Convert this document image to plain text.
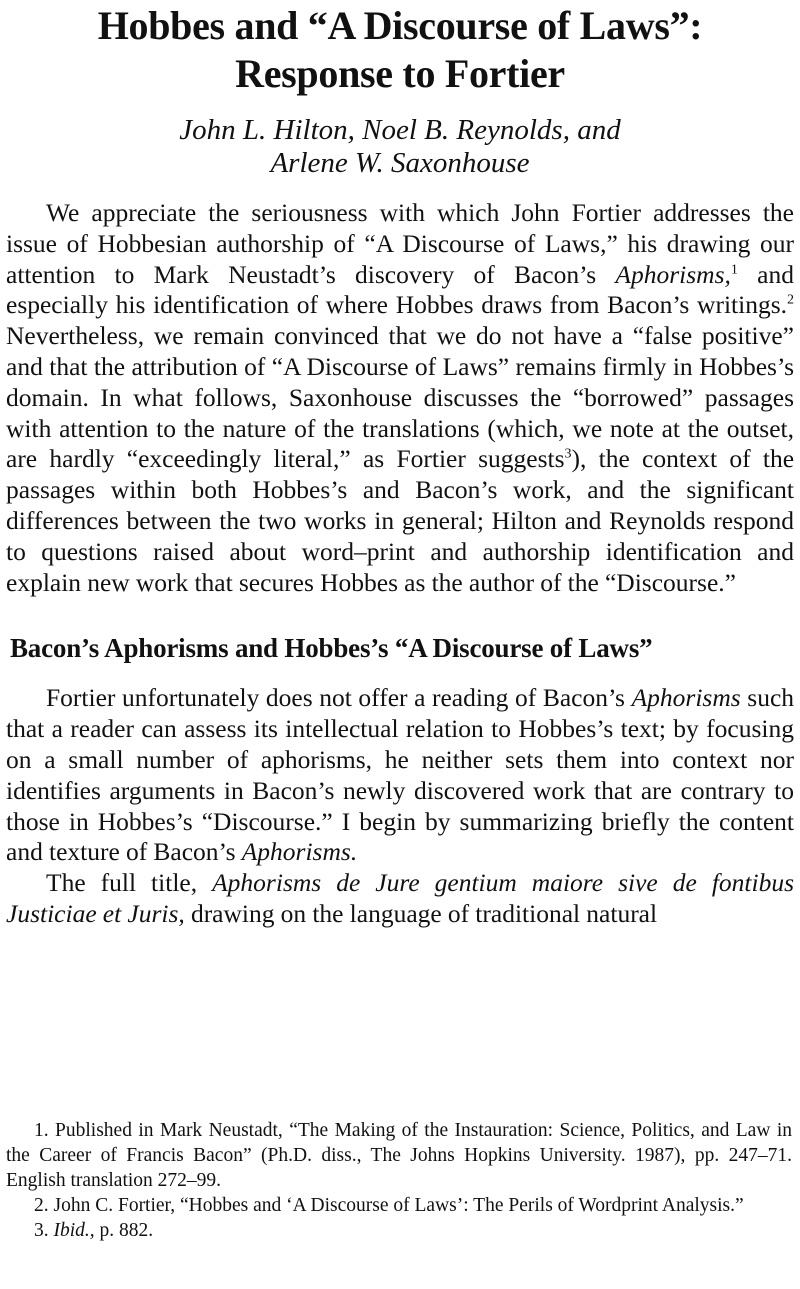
Hobbes and “A Discourse of Laws”:
Response to Fortier
John L. Hilton, Noel B. Reynolds, and
Arlene W. Saxonhouse

We appreciate the seriousness with which John Fortier addresses the issue of Hobbesian authorship of “A Discourse of Laws,” his drawing our attention to Mark Neustadt’s discovery of Bacon’s Aphorisms,$^1$ and especially his identification of where Hobbes draws from Bacon’s writings.$^2$ Nevertheless, we remain convinced that we do not have a “false positive” and that the attribution of “A Discourse of Laws” remains firmly in Hobbes’s domain. In what follows, Saxonhouse discusses the “borrowed” passages with attention to the nature of the translations (which, we note at the outset, are hardly “exceedingly literal,” as Fortier suggests$^3$), the context of the passages within both Hobbes’s and Bacon’s work, and the significant differences between the two works in general; Hilton and Reynolds respond to questions raised about word–print and authorship identification and explain new work that secures Hobbes as the author of the “Discourse.”

Bacon’s Aphorisms and Hobbes’s “A Discourse of Laws”

Fortier unfortunately does not offer a reading of Bacon’s Aphorisms such that a reader can assess its intellectual relation to Hobbes’s text; by focusing on a small number of aphorisms, he neither sets them into context nor identifies arguments in Bacon’s newly discovered work that are contrary to those in Hobbes’s “Discourse.” I begin by summarizing briefly the content and texture of Bacon’s Aphorisms.

The full title, Aphorisms de Jure gentium maiore sive de fontibus Justiciae et Juris, drawing on the language of traditional natural

1. Published in Mark Neustadt, “The Making of the Instauration: Science, Politics, and Law in the Career of Francis Bacon” (Ph.D. diss., The Johns Hopkins University. 1987), pp. 247–71. English translation 272–99.

2. John C. Fortier, “Hobbes and ‘A Discourse of Laws’: The Perils of Wordprint Analysis.”

3. Ibid., p. 882.
